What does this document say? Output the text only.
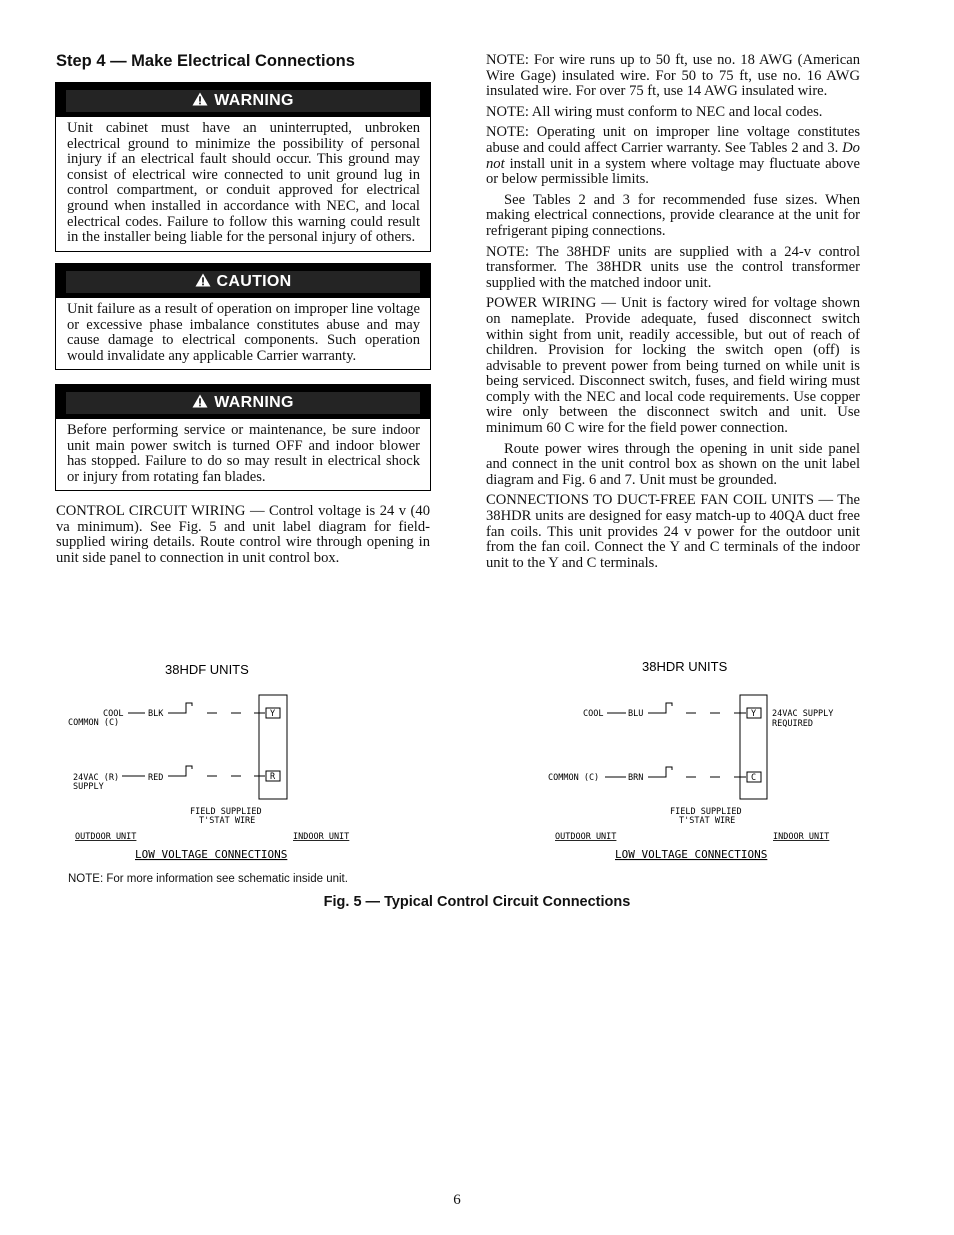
Step 4 — Make Electrical Connections
WARNING
Unit cabinet must have an uninterrupted, unbroken electrical ground to minimize the possibility of personal injury if an electrical fault should occur. This ground may consist of electrical wire connected to unit ground lug in control compartment, or conduit approved for electrical ground when installed in accordance with NEC, and local electrical codes. Failure to follow this warning could result in the installer being liable for the personal injury of others.
CAUTION
Unit failure as a result of operation on improper line voltage or excessive phase imbalance constitutes abuse and may cause damage to electrical components. Such operation would invalidate any applicable Carrier warranty.
WARNING
Before performing service or maintenance, be sure indoor unit main power switch is turned OFF and indoor blower has stopped. Failure to do so may result in electrical shock or injury from rotating fan blades.

CONTROL CIRCUIT WIRING — Control voltage is 24 v (40 va minimum). See Fig. 5 and unit label diagram for field-supplied wiring details. Route control wire through opening in unit side panel to connection in unit control box.

NOTE: For wire runs up to 50 ft, use no. 18 AWG (American Wire Gage) insulated wire. For 50 to 75 ft, use no. 16 AWG insulated wire. For over 75 ft, use 14 AWG insulated wire.

NOTE: All wiring must conform to NEC and local codes.

NOTE: Operating unit on improper line voltage constitutes abuse and could affect Carrier warranty. See Tables 2 and 3. Do not install unit in a system where voltage may fluctuate above or below permissible limits.

See Tables 2 and 3 for recommended fuse sizes. When making electrical connections, provide clearance at the unit for refrigerant piping connections.

NOTE: The 38HDF units are supplied with a 24-v control transformer. The 38HDR units use the control transformer supplied with the matched indoor unit.

POWER WIRING — Unit is factory wired for voltage shown on nameplate. Provide adequate, fused disconnect switch within sight from unit, readily accessible, but out of reach of children. Provision for locking the switch open (off) is advisable to prevent power from being turned on while unit is being serviced. Disconnect switch, fuses, and field wiring must comply with the NEC and local code requirements. Use copper wire only between the disconnect switch and unit. Use minimum 60 C wire for the field power connection.

Route power wires through the opening in unit side panel and connect in the unit control box as shown on the unit label diagram and Fig. 6 and 7. Unit must be grounded.

CONNECTIONS TO DUCT-FREE FAN COIL UNITS — The 38HDR units are designed for easy match-up to 40QA duct free fan coils. This unit provides 24 v power for the outdoor unit from the fan coil. Connect the Y and C terminals of the indoor unit to the Y and C terminals.

38HDF UNITS
COOL
COMMON (C)
BLK	Y
24VAC (R)
SUPPLY
RED	R
FIELD SUPPLIED
T'STAT WIRE
OUTDOOR UNIT	INDOOR UNIT
LOW VOLTAGE CONNECTIONS
38HDR UNITS
COOL	BLU	Y 24VAC SUPPLY
REQUIRED
COMMON (C)	BRN	C
FIELD SUPPLIED
T'STAT WIRE
OUTDOOR UNIT	INDOOR UNIT
LOW VOLTAGE CONNECTIONS
NOTE: For more information see schematic inside unit.
Fig. 5 — Typical Control Circuit Connections
6
